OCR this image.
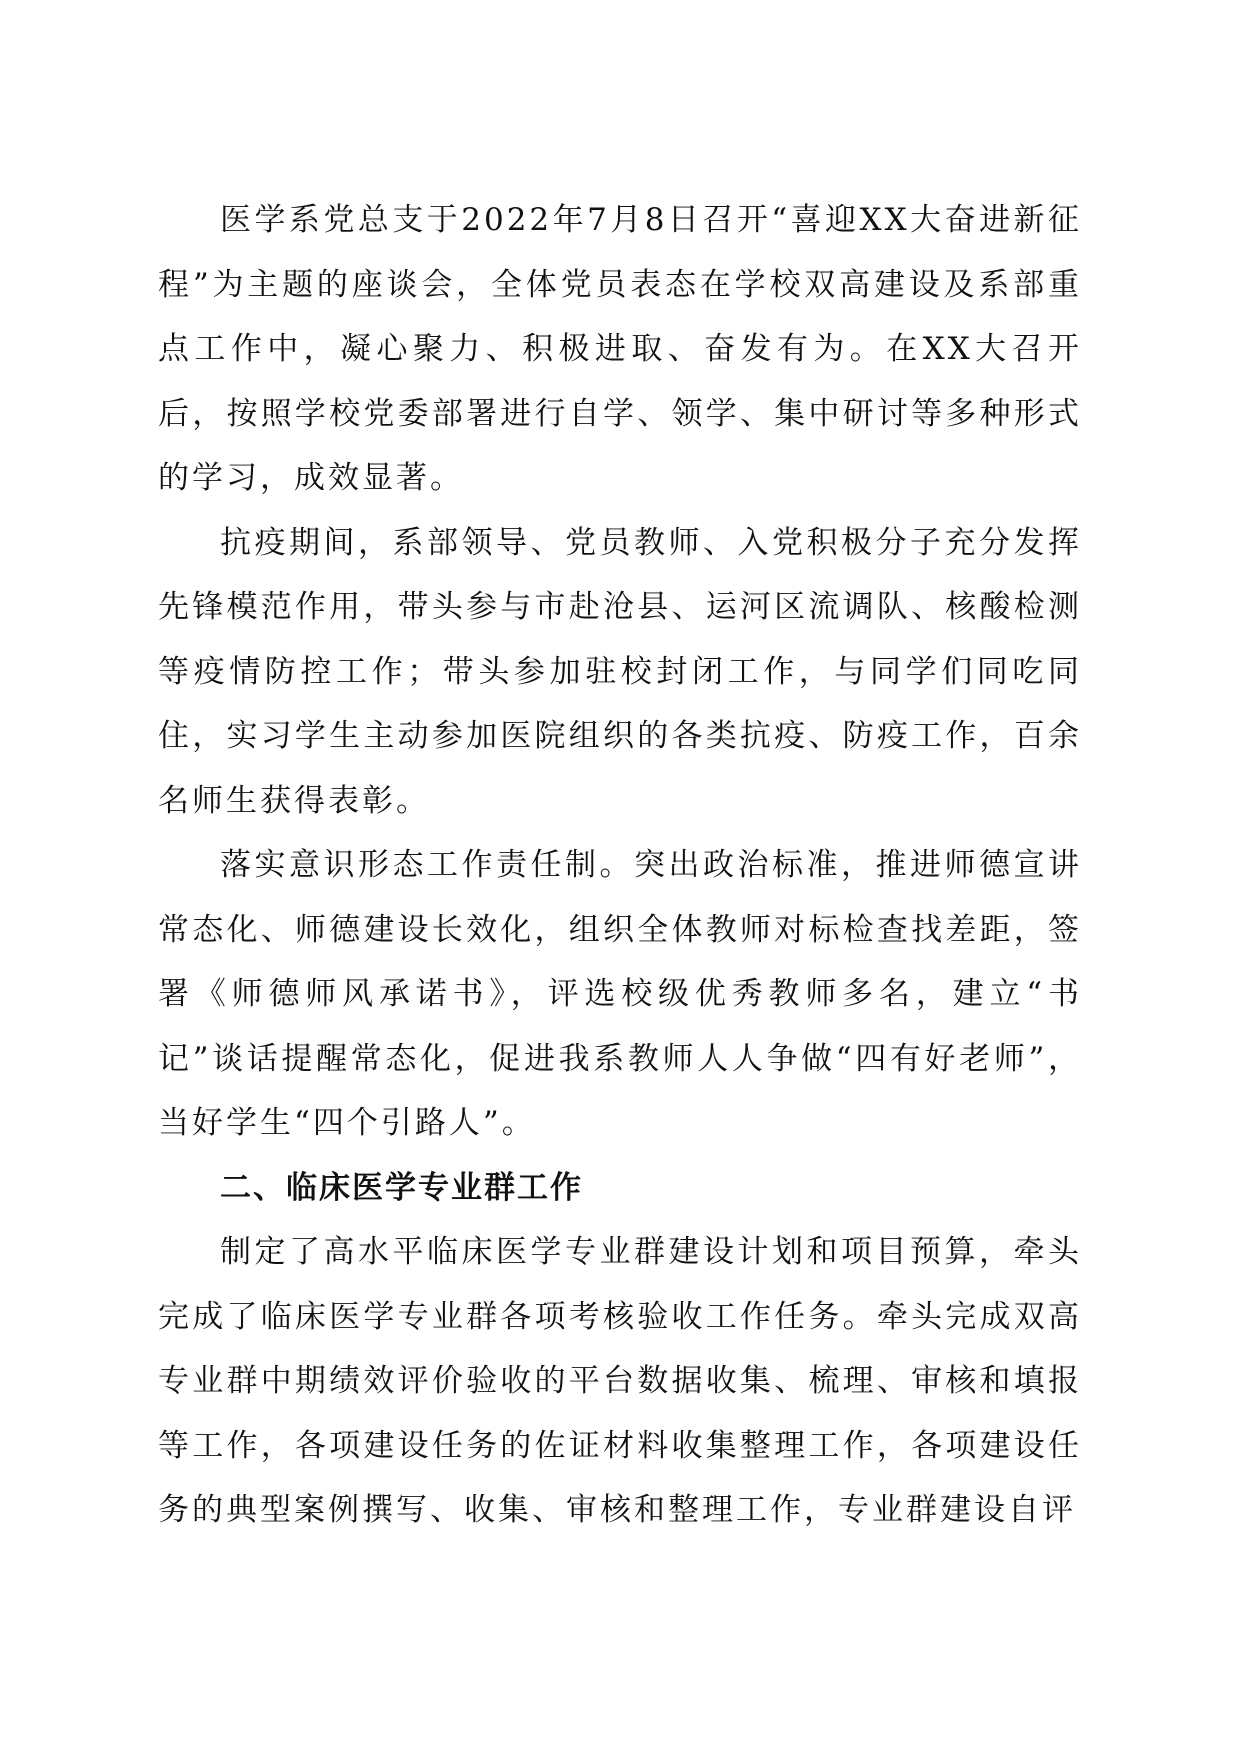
医学系党总支于2022年7月8日召开“喜迎XX大奋进新征程”为主题的座谈会，全体党员表态在学校双高建设及系部重点工作中，凝心聚力、积极进取、奋发有为。在XX大召开后，按照学校党委部署进行自学、领学、集中研讨等多种形式的学习，成效显著。

抗疫期间，系部领导、党员教师、入党积极分子充分发挥先锋模范作用，带头参与市赴沧县、运河区流调队、核酸检测等疫情防控工作；带头参加驻校封闭工作，与同学们同吃同住，实习学生主动参加医院组织的各类抗疫、防疫工作，百余名师生获得表彰。

落实意识形态工作责任制。突出政治标准，推进师德宣讲常态化、师德建设长效化，组织全体教师对标检查找差距，签署《师德师风承诺书》，评选校级优秀教师多名，建立“书记”谈话提醒常态化，促进我系教师人人争做“四有好老师”，当好学生“四个引路人”。

二、临床医学专业群工作

制定了高水平临床医学专业群建设计划和项目预算，牵头完成了临床医学专业群各项考核验收工作任务。牵头完成双高专业群中期绩效评价验收的平台数据收集、梳理、审核和填报等工作，各项建设任务的佐证材料收集整理工作，各项建设任务的典型案例撰写、收集、审核和整理工作，专业群建设自评
